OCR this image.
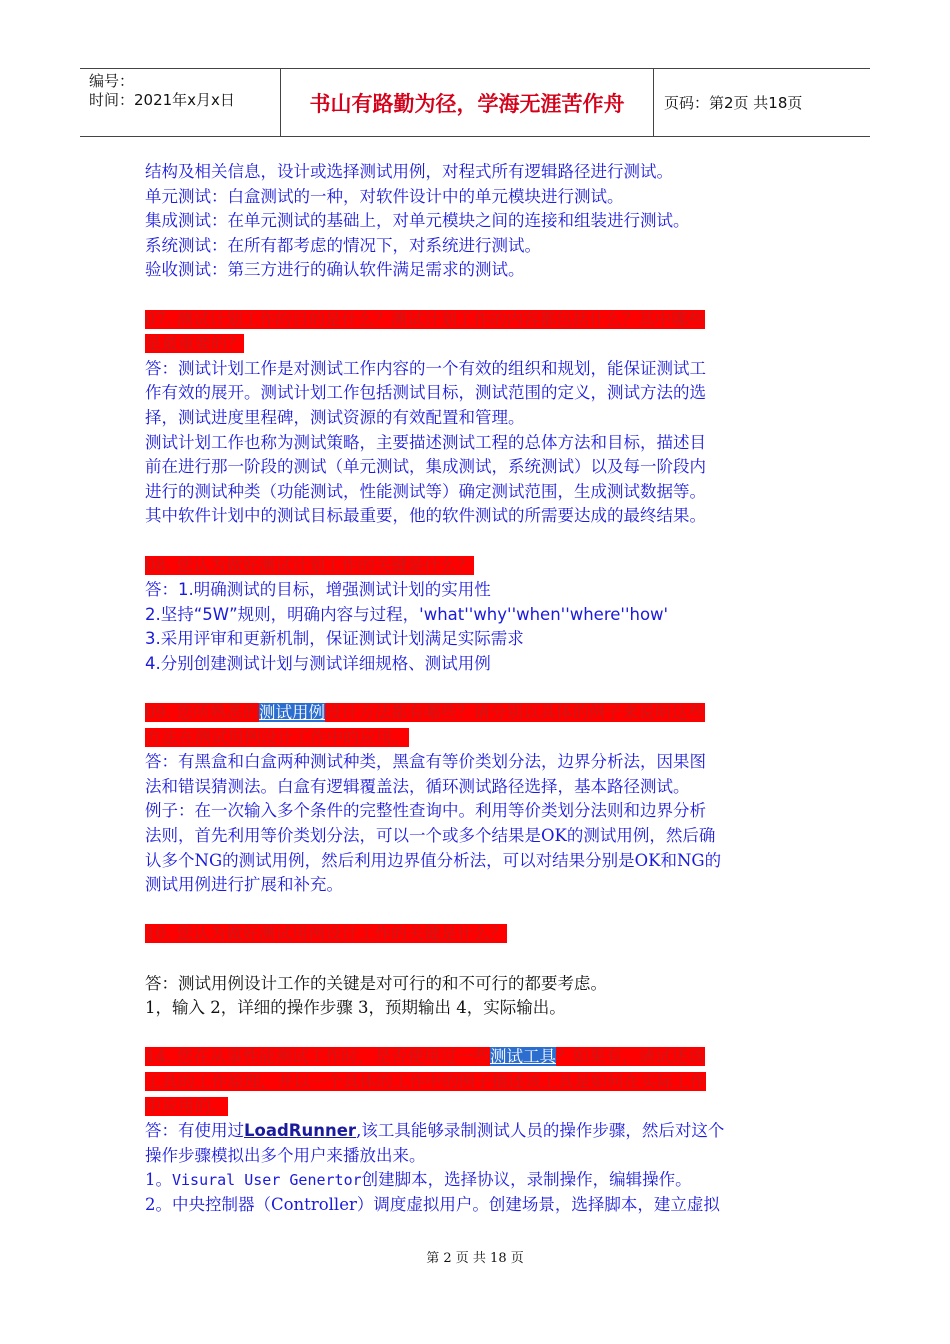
编号：
时间：2021年x月x日	书山有路勤为径，学海无涯苦作舟	页码：第2页 共18页
结构及相关信息，设计或选择测试用例，对程式所有逻辑路径进行测试。
单元测试：白盒测试的一种，对软件设计中的单元模块进行测试。
集成测试：在单元测试的基础上，对单元模块之间的连接和组装进行测试。
系统测试：在所有都考虑的情况下，对系统进行测试。
验收测试：第三方进行的确认软件满足需求的测试。
07. 测试计划工作的目的是什么？测试计划工作的内容都包括什么？其中哪些
是最重要的？
答：测试计划工作是对测试工作内容的一个有效的组织和规划，能保证测试工
作有效的展开。测试计划工作包括测试目标，测试范围的定义，测试方法的选
择，测试进度里程碑，测试资源的有效配置和管理。
测试计划工作也称为测试策略，主要描述测试工程的总体方法和目标，描述目
前在进行那一阶段的测试（单元测试，集成测试，系统测试）以及每一阶段内
进行的测试种类（功能测试，性能测试等）确定测试范围，生成测试数据等。
其中软件计划中的测试目标最重要，他的软件测试的所需要达成的最终结果。
08. 您认为做好测试计划工作的关键是什么？
答：1.明确测试的目标，增强测试计划的实用性
2.坚持“5W”规则，明确内容与过程，'what''why''when''where''how'
3.采用评审和更新机制，保证测试计划满足实际需求
4.分别创建测试计划与测试详细规格、测试用例
09. 您所熟悉的测试用例设计方法都有哪些？请分别以具体的例子来说明这些
方法在测试用例设计工作中的应用。
答：有黑盒和白盒两种测试种类，黑盒有等价类划分法，边界分析法，因果图
法和错误猜测法。白盒有逻辑覆盖法，循环测试路径选择，基本路径测试。
例子：在一次输入多个条件的完整性查询中。利用等价类划分法则和边界分析
法则，首先利用等价类划分法，可以一个或多个结果是OK的测试用例，然后确
认多个NG的测试用例，然后利用边界值分析法，可以对结果分别是OK和NG的
测试用例进行扩展和补充。
10. 您认为做好测试用例设计工作的关键是什么？
答：测试用例设计工作的关键是对可行的和不可行的都要考虑。
1，输入 2，详细的操作步骤 3，预期输出 4，实际输出。
14. 您在从事性能测试工作时，是否使用过一些测试工具？如果有，请试述该
工具的工作原理，并以一个具体的工作中的例子描述该工具是如何在实际工作
中应用的。
答：有使用过LoadRunner,该工具能够录制测试人员的操作步骤，然后对这个
操作步骤模拟出多个用户来播放出来。
1。Visural User Genertor创建脚本，选择协议，录制操作，编辑操作。
2。中央控制器（Controller）调度虚拟用户。创建场景，选择脚本，建立虚拟
第 2 页 共 18 页
